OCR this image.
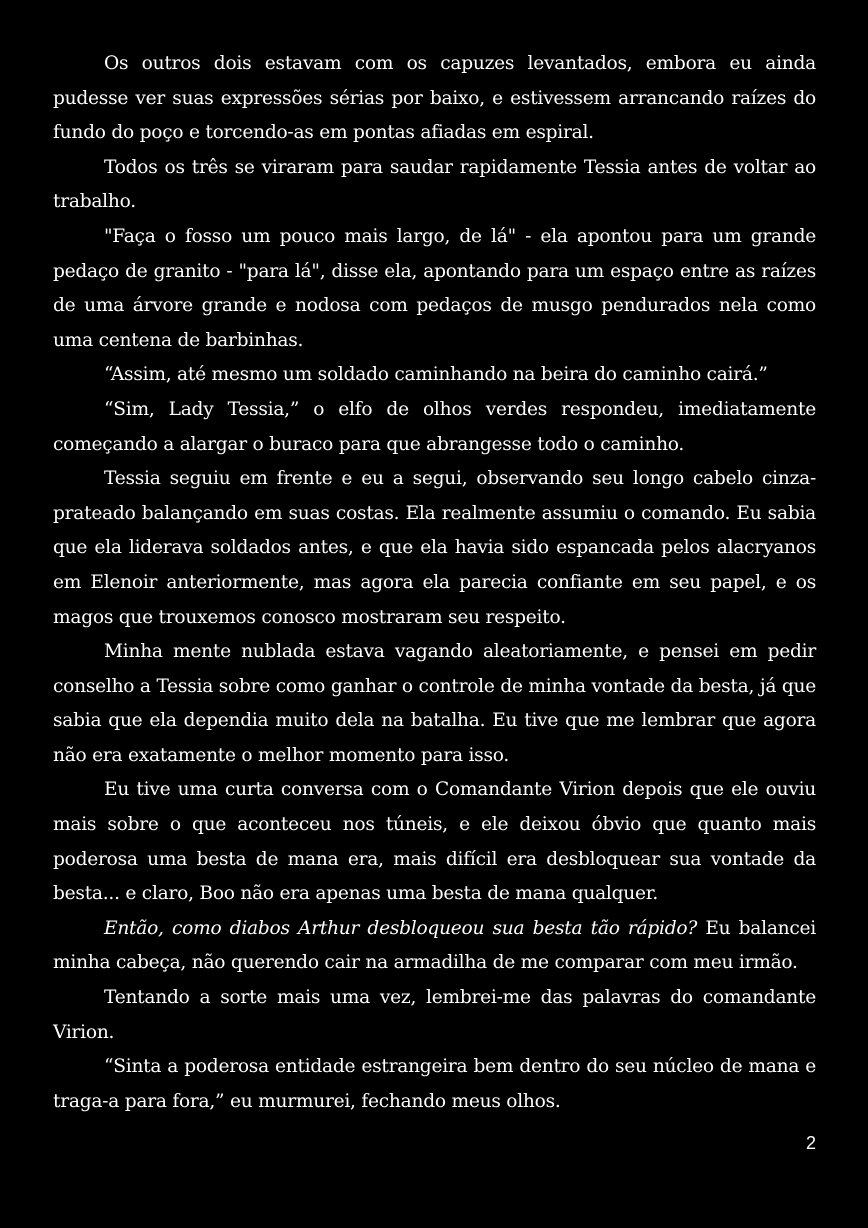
Os outros dois estavam com os capuzes levantados, embora eu ainda pudesse ver suas expressões sérias por baixo, e estivessem arrancando raízes do fundo do poço e torcendo-as em pontas afiadas em espiral.

Todos os três se viraram para saudar rapidamente Tessia antes de voltar ao trabalho.

"Faça o fosso um pouco mais largo, de lá" - ela apontou para um grande pedaço de granito - "para lá", disse ela, apontando para um espaço entre as raízes de uma árvore grande e nodosa com pedaços de musgo pendurados nela como uma centena de barbinhas.

“Assim, até mesmo um soldado caminhando na beira do caminho cairá.”

“Sim, Lady Tessia,” o elfo de olhos verdes respondeu, imediatamente começando a alargar o buraco para que abrangesse todo o caminho.

Tessia seguiu em frente e eu a segui, observando seu longo cabelo cinza-prateado balançando em suas costas. Ela realmente assumiu o comando. Eu sabia que ela liderava soldados antes, e que ela havia sido espancada pelos alacryanos em Elenoir anteriormente, mas agora ela parecia confiante em seu papel, e os magos que trouxemos conosco mostraram seu respeito.

Minha mente nublada estava vagando aleatoriamente, e pensei em pedir conselho a Tessia sobre como ganhar o controle de minha vontade da besta, já que sabia que ela dependia muito dela na batalha. Eu tive que me lembrar que agora não era exatamente o melhor momento para isso.

Eu tive uma curta conversa com o Comandante Virion depois que ele ouviu mais sobre o que aconteceu nos túneis, e ele deixou óbvio que quanto mais poderosa uma besta de mana era, mais difícil era desbloquear sua vontade da besta... e claro, Boo não era apenas uma besta de mana qualquer.

Então, como diabos Arthur desbloqueou sua besta tão rápido? Eu balancei minha cabeça, não querendo cair na armadilha de me comparar com meu irmão.

Tentando a sorte mais uma vez, lembrei-me das palavras do comandante Virion.

“Sinta a poderosa entidade estrangeira bem dentro do seu núcleo de mana e traga-a para fora,” eu murmurei, fechando meus olhos.

2
